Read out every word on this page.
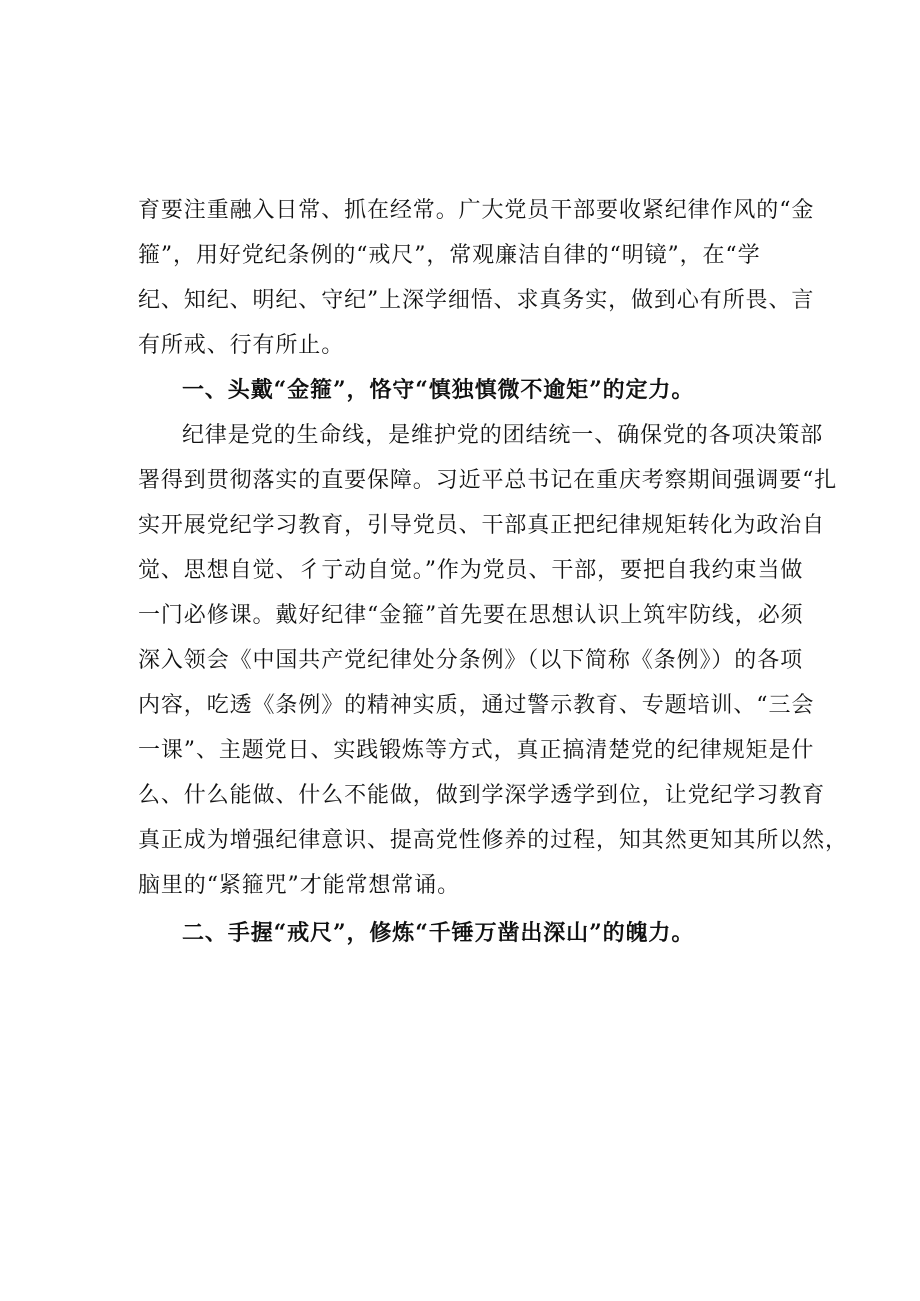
育要注重融入日常、抓在经常。广大党员干部要收紧纪律作风的“金
箍”，用好党纪条例的“戒尺”，常观廉洁自律的“明镜”，在“学
纪、知纪、明纪、守纪”上深学细悟、求真务实，做到心有所畏、言
有所戒、行有所止。
一、头戴“金箍”，恪守“慎独慎微不逾矩”的定力。
纪律是党的生命线，是维护党的团结统一、确保党的各项决策部
署得到贯彻落实的直要保障。习近平总书记在重庆考察期间强调要“扎
实开展党纪学习教育，引导党员、干部真正把纪律规矩转化为政治自
觉、思想自觉、彳亍动自觉。”作为党员、干部，要把自我约束当做
一门必修课。戴好纪律“金箍”首先要在思想认识上筑牢防线，必须
深入领会《中国共产党纪律处分条例》（以下简称《条例》）的各项
内容，吃透《条例》的精神实质，通过警示教育、专题培训、“三会
一课”、主题党日、实践锻炼等方式，真正搞清楚党的纪律规矩是什
么、什么能做、什么不能做，做到学深学透学到位，让党纪学习教育
真正成为增强纪律意识、提高党性修养的过程，知其然更知其所以然，
脑里的“紧箍咒”才能常想常诵。
二、手握“戒尺”，修炼“千锤万凿出深山”的魄力。
